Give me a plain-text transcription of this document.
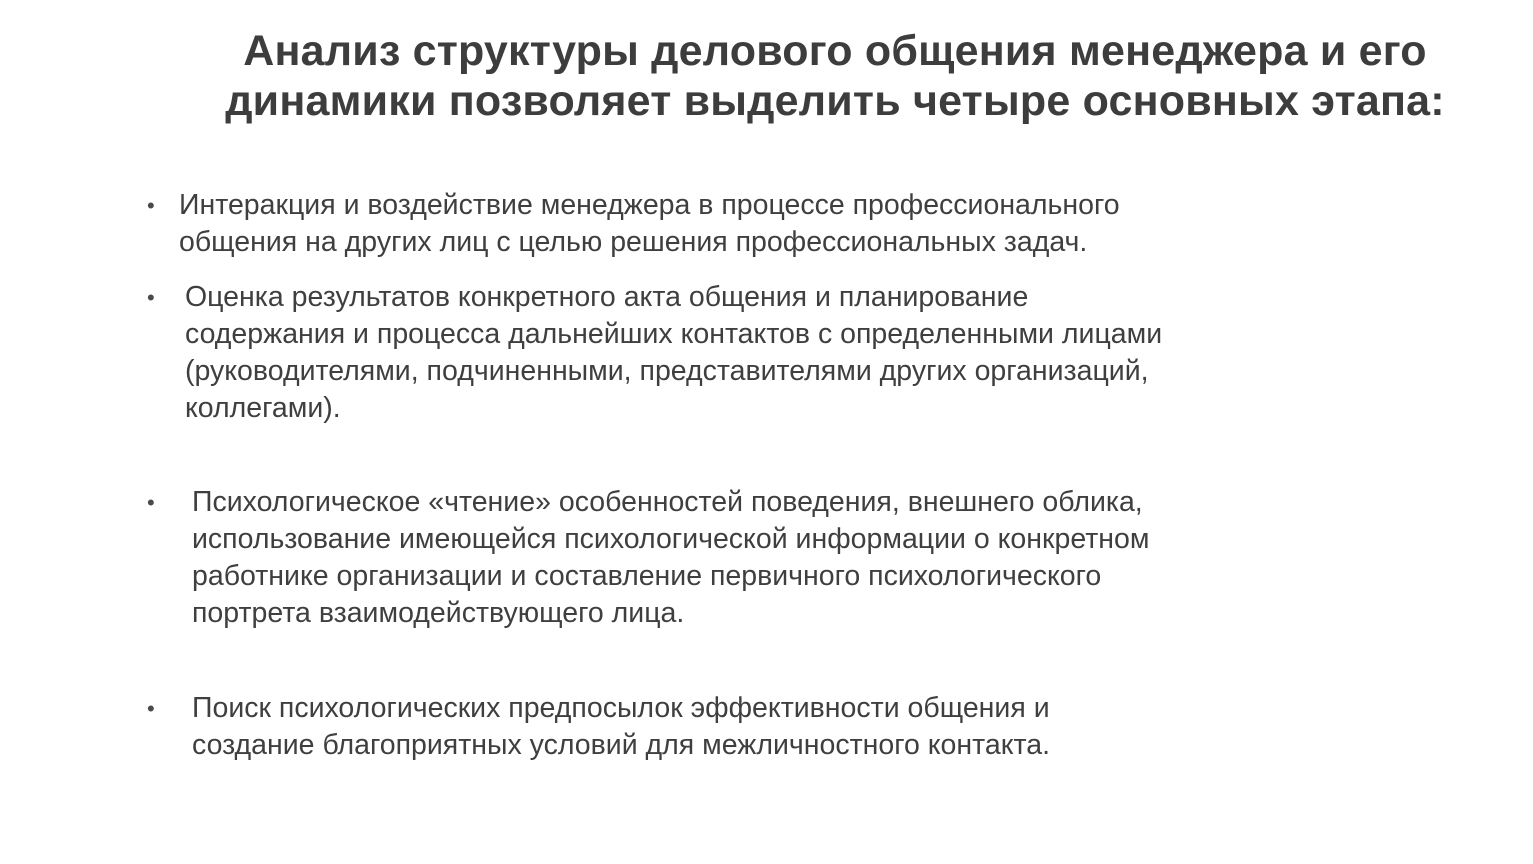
Анализ структуры делового общения менеджера и его
динамики позволяет выделить четыре основных этапа:
• Интеракция и воздействие менеджера в процессе профессионального
общения на других лиц с целью решения профессиональных задач.
•	Оценка результатов конкретного акта общения и планирование
содержания и процесса дальнейших контактов с определенными лицами
(руководителями, подчиненными, представителями других организаций,
коллегами).
•	Психологическое «чтение» особенностей поведения, внешнего облика,
использование имеющейся психологической информации о конкретном
работнике организации и составление первичного психологического
портрета взаимодействующего лица.
•	Поиск психологических предпосылок эффективности общения и
создание благоприятных условий для межличностного контакта.
